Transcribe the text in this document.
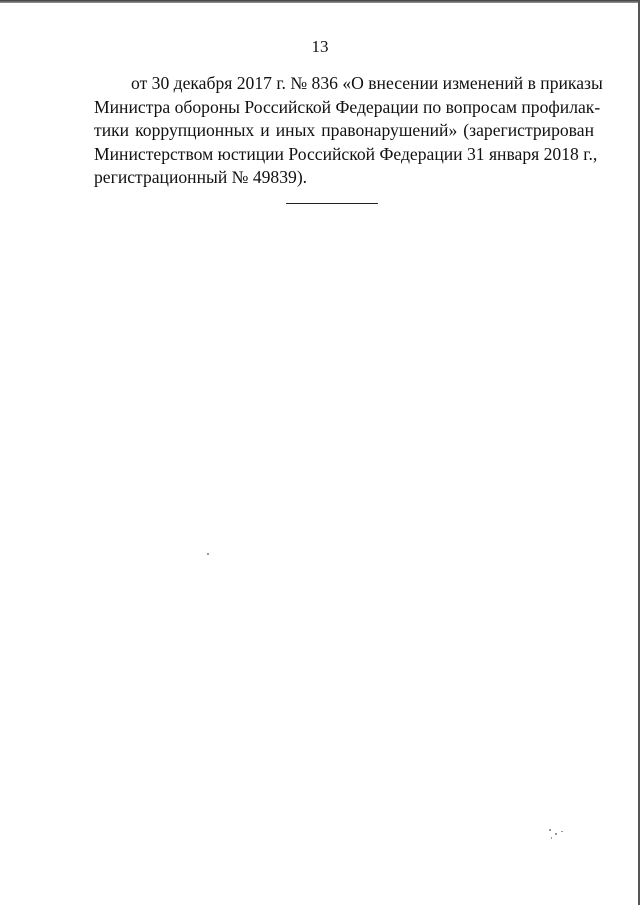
13

от 30 декабря 2017 г. № 836 «О внесении изменений в приказы
Министра обороны Российской Федерации по вопросам профилак-
тики коррупционных и иных правонарушений» (зарегистрирован
Министерством юстиции Российской Федерации 31 января 2018 г.,
регистрационный № 49839).
